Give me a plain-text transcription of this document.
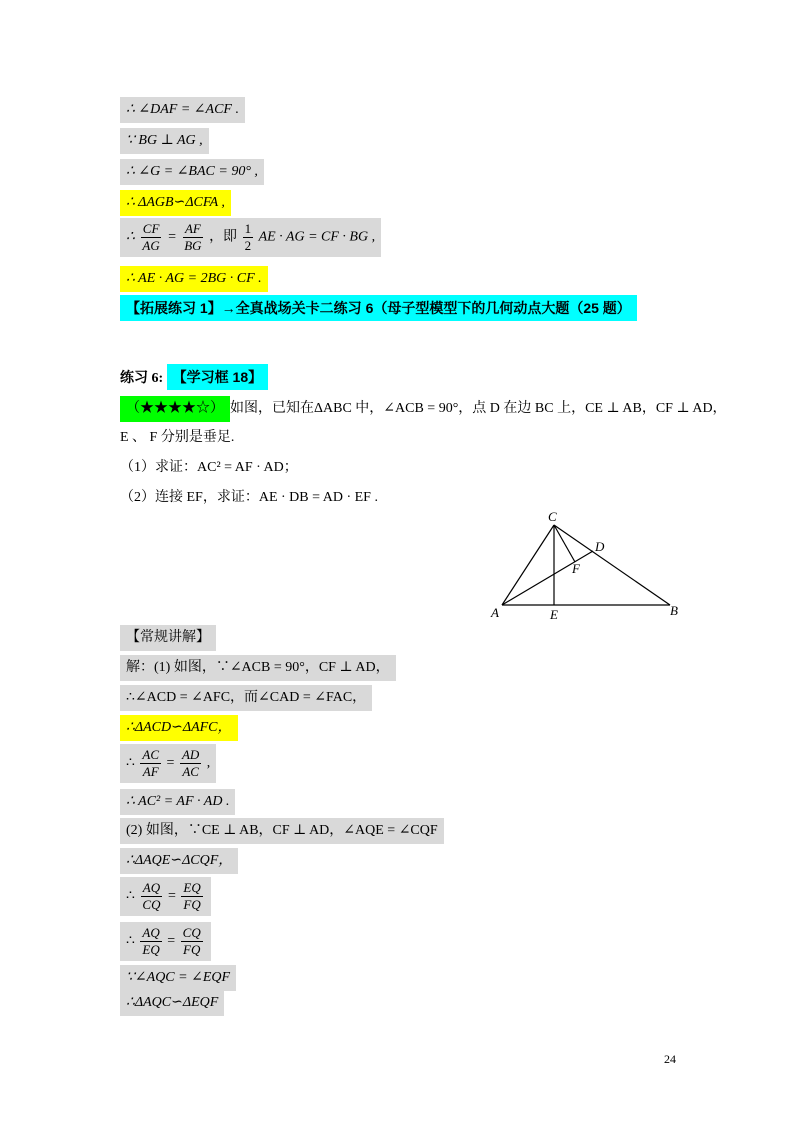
∴ ∠DAF = ∠ACF .
∵ BG ⊥ AG ,
∴ ∠G = ∠BAC = 90° ,
∴ ΔAGB∽ΔCFA ,
∴ $\frac{CF}{AG} = \frac{AF}{BG}$ ，即 $\frac{1}{2}$ AE · AG = CF · BG ,
∴ AE · AG = 2BG · CF .
【拓展练习 1】→全真战场关卡二练习 6（母子型模型下的几何动点大题（25 题）
练习 6: 【学习框 18】
（★★★★☆） 如图，已知在ΔABC 中，∠ACB = 90°，点 D 在边 BC 上，CE ⊥ AB，CF ⊥ AD，
E 、 F 分别是垂足.
（1）求证：AC² = AF · AD；
（2）连接 EF，求证：AE · DB = AD · EF .
C
D
F
A	E	B
【常规讲解】
解：(1) 如图，∵∠ACB = 90°，CF ⊥ AD，
∴∠ACD = ∠AFC，而∠CAD = ∠FAC，
∴ΔACD∽ΔAFC，
∴ $\frac{AC}{AF} = \frac{AD}{AC}$ ,
∴ AC² = AF · AD .
(2) 如图，∵CE ⊥ AB，CF ⊥ AD，∠AQE = ∠CQF
∴ΔAQE∽ΔCQF，
∴ $\frac{AQ}{CQ} = \frac{EQ}{FQ}$
∴ $\frac{AQ}{EQ} = \frac{CQ}{FQ}$
∵∠AQC = ∠EQF
∴ΔAQC∽ΔEQF
24
